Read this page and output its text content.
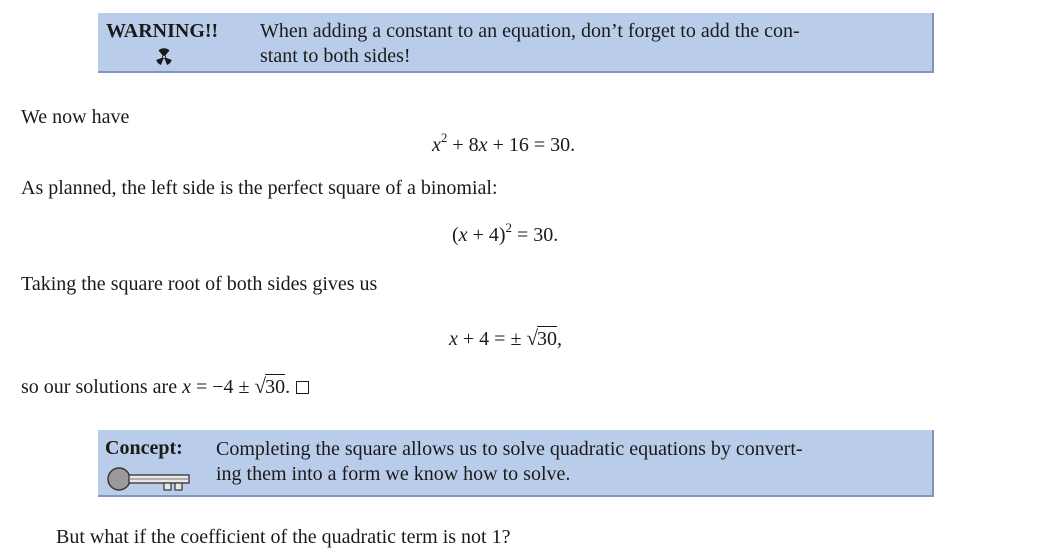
WARNING!! When adding a constant to an equation, don’t forget to add the con-
stant to both sides!
We now have
$x^2 + 8x + 16 = 30$.
As planned, the left side is the perfect square of a binomial:
$(x + 4)^2 = 30$.
Taking the square root of both sides gives us
x + 4 = ± √30,
so our solutions are x = −4 ± √30.
Concept: Completing the square allows us to solve quadratic equations by convert-
ing them into a form we know how to solve.
But what if the coefficient of the quadratic term is not 1?
